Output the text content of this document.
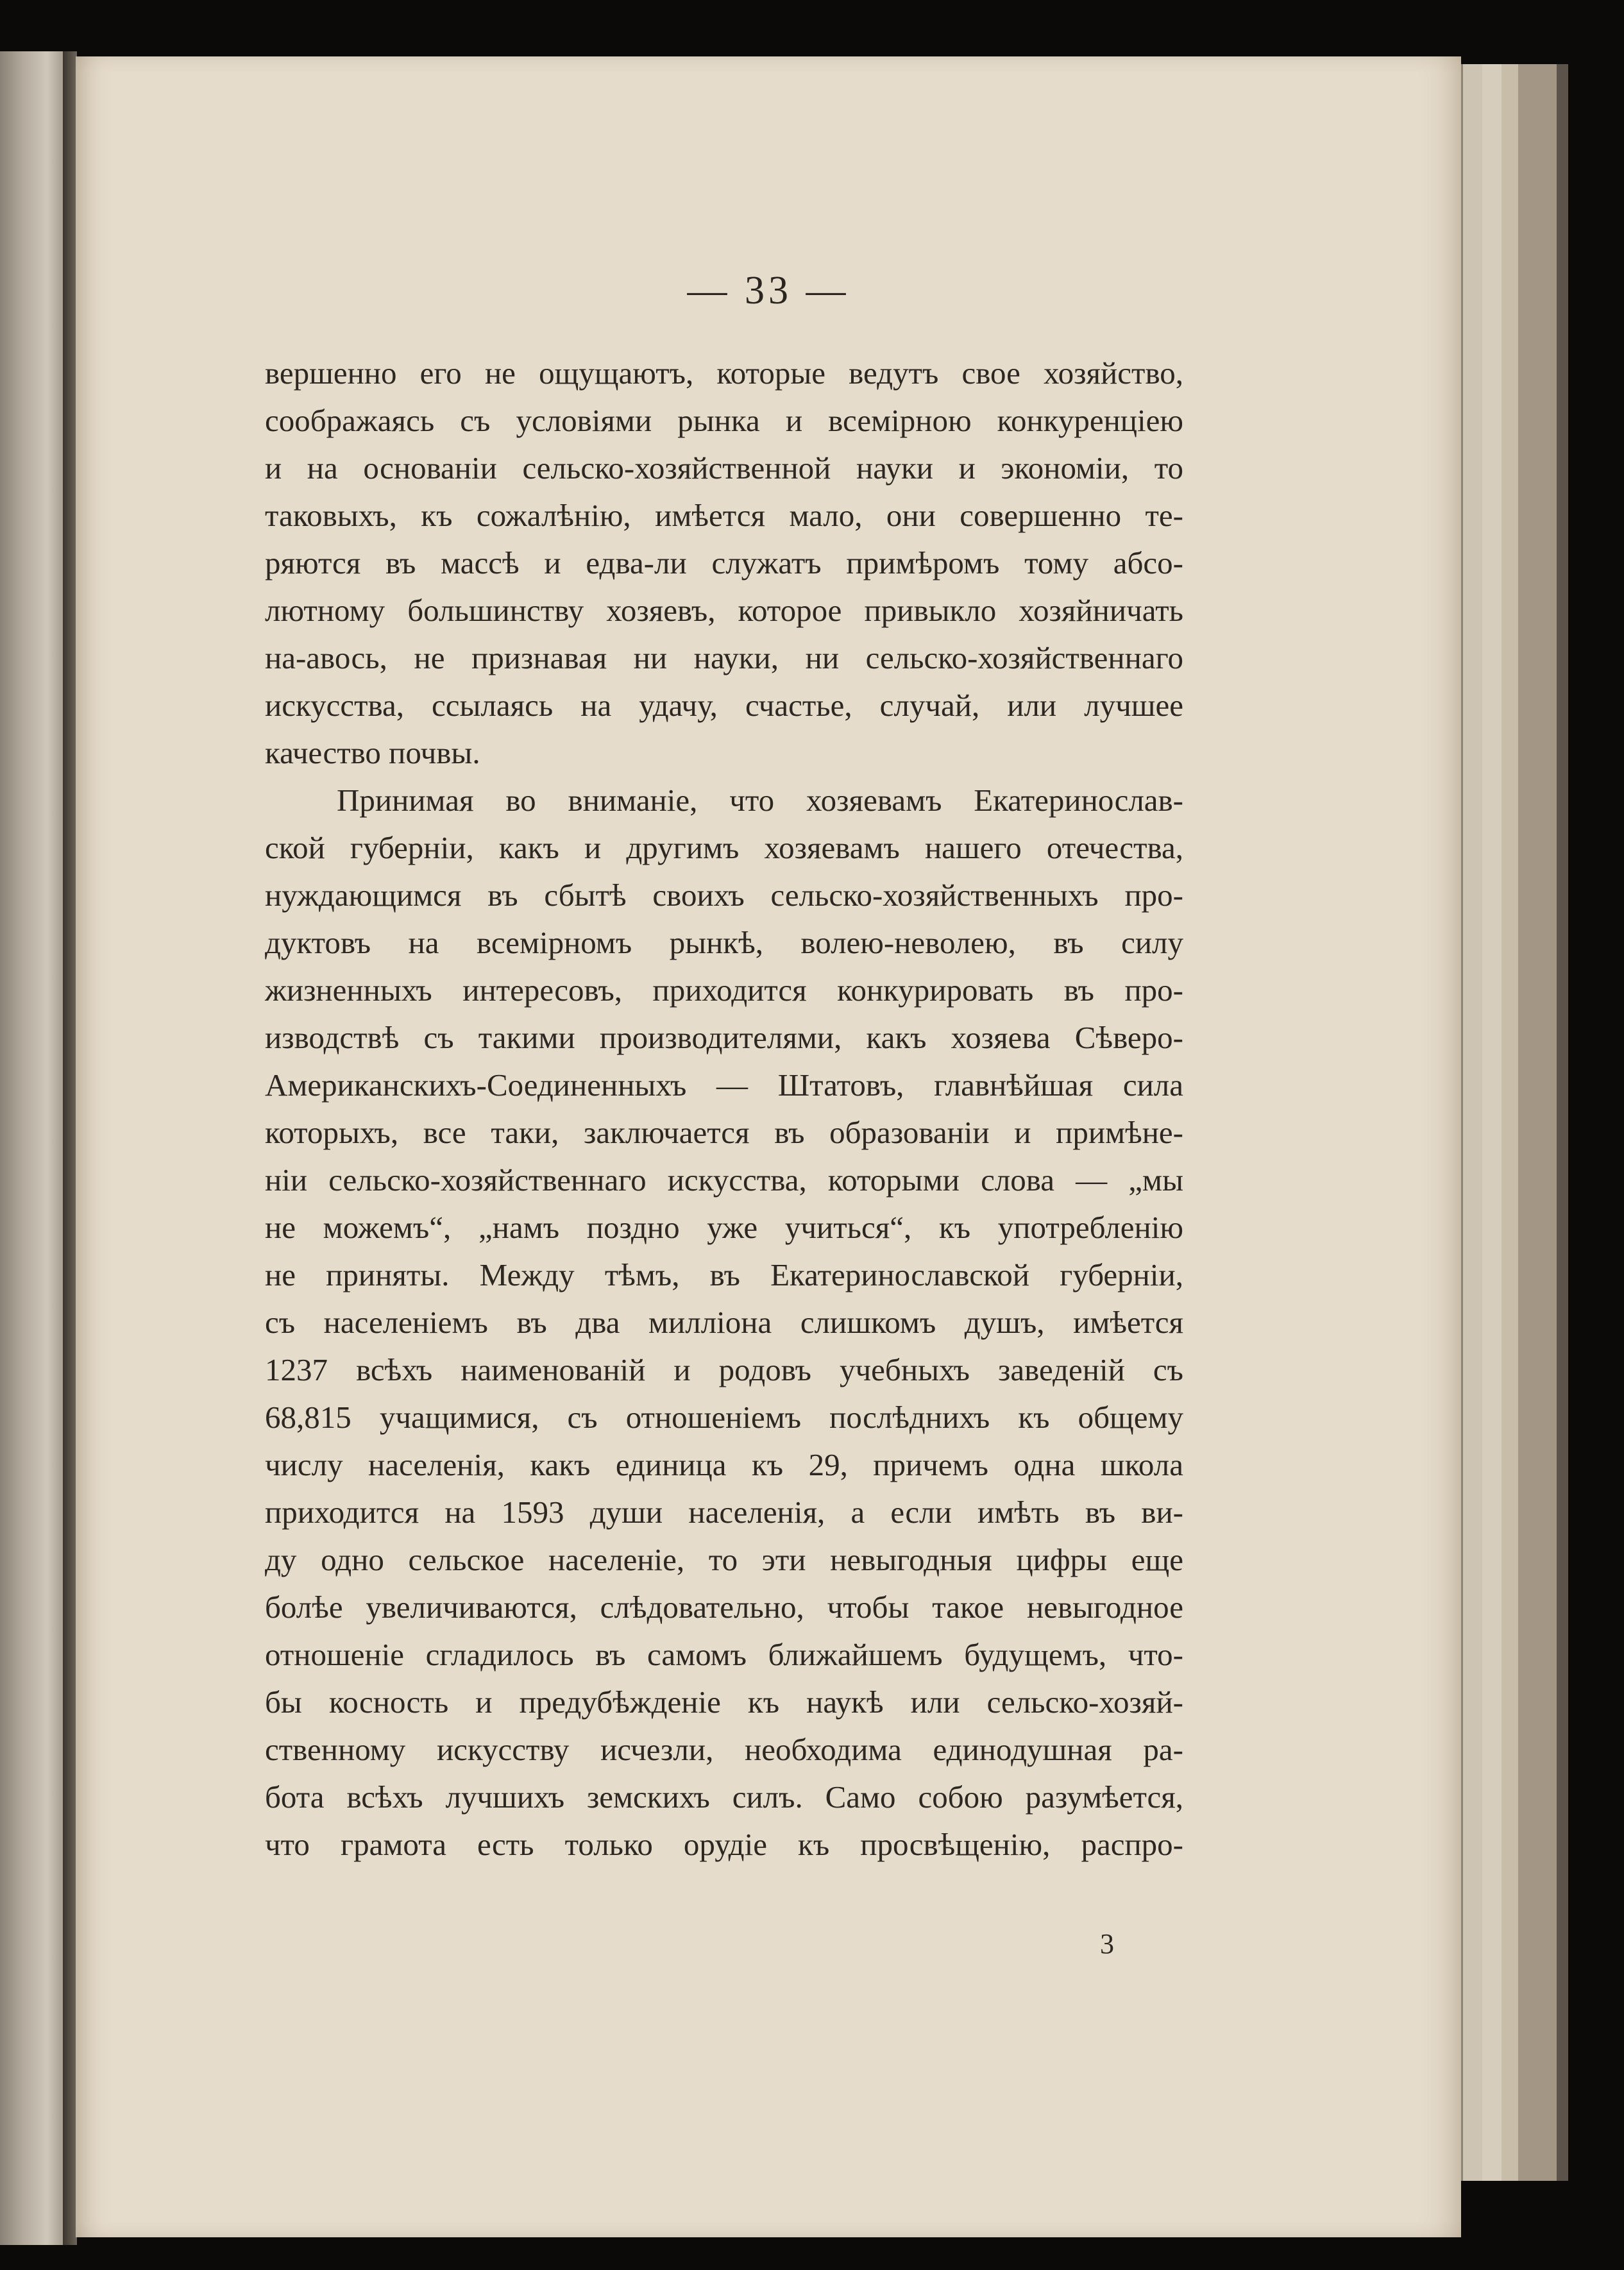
— 33 —
вершенно его не ощущаютъ, которые ведутъ свое хозяйство,
соображаясь съ условіями рынка и всемірною конкуренціею
и на основаніи сельско-хозяйственной науки и экономіи, то
таковыхъ, къ сожалѣнію, имѣется мало, они совершенно те-
ряются въ массѣ и едва-ли служатъ примѣромъ тому абсо-
лютному большинству хозяевъ, которое привыкло хозяйничать
на-авось, не признавая ни науки, ни сельско-хозяйственнаго
искусства, ссылаясь на удачу, счастье, случай, или лучшее
качество почвы.
Принимая во вниманіе, что хозяевамъ Екатеринослав-
ской губерніи, какъ и другимъ хозяевамъ нашего отечества,
нуждающимся въ сбытѣ своихъ сельско-хозяйственныхъ про-
дуктовъ на всемірномъ рынкѣ, волею-неволею, въ силу
жизненныхъ интересовъ, приходится конкурировать въ про-
изводствѣ съ такими производителями, какъ хозяева Сѣверо-
Американскихъ-Соединенныхъ — Штатовъ, главнѣйшая сила
которыхъ, все таки, заключается въ образованіи и примѣне-
ніи сельско-хозяйственнаго искусства, которыми слова — „мы
не можемъ“, „намъ поздно уже учиться“, къ употребленію
не приняты. Между тѣмъ, въ Екатеринославской губерніи,
съ населеніемъ въ два милліона слишкомъ душъ, имѣется
1237 всѣхъ наименованій и родовъ учебныхъ заведеній съ
68,815 учащимися, съ отношеніемъ послѣднихъ къ общему
числу населенія, какъ единица къ 29, причемъ одна школа
приходится на 1593 души населенія, а если имѣть въ ви-
ду одно сельское населеніе, то эти невыгодныя цифры еще
болѣе увеличиваются, слѣдовательно, чтобы такое невыгодное
отношеніе сгладилось въ самомъ ближайшемъ будущемъ, что-
бы косность и предубѣжденіе къ наукѣ или сельско-хозяй-
ственному искусству исчезли, необходима единодушная ра-
бота всѣхъ лучшихъ земскихъ силъ. Само собою разумѣется,
что грамота есть только орудіе къ просвѣщенію, распро-
3
